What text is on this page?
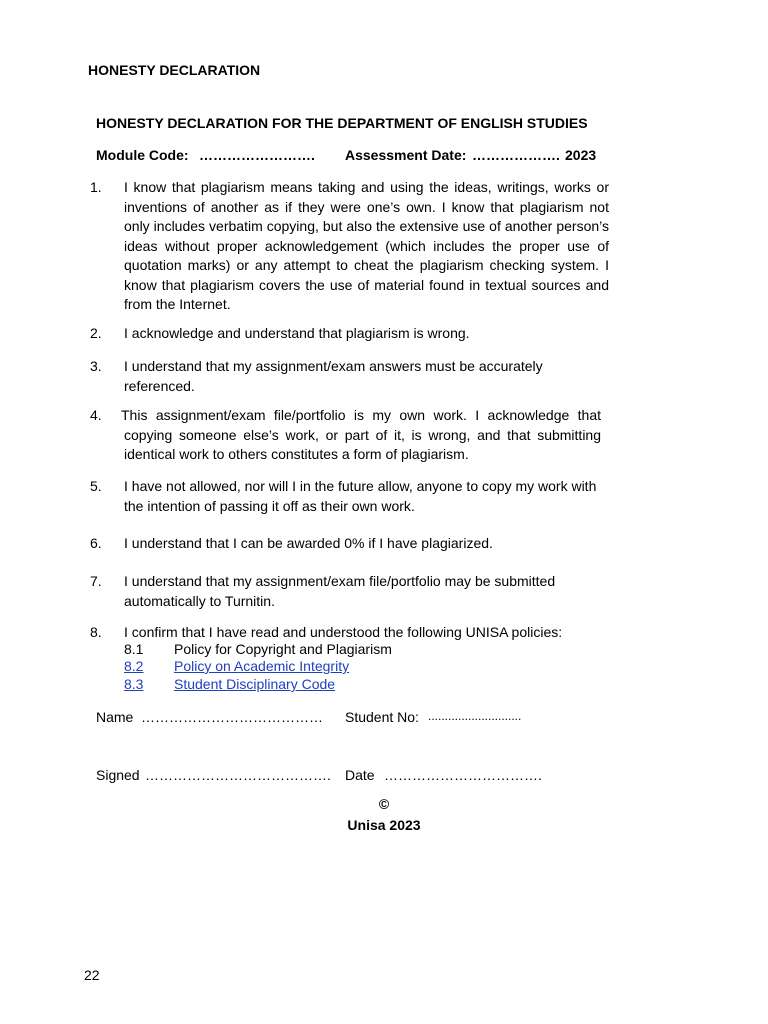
HONESTY DECLARATION
HONESTY DECLARATION FOR THE DEPARTMENT OF ENGLISH STUDIES
Module Code: ……………………. Assessment Date: ………………. 2023
1. I know that plagiarism means taking and using the ideas, writings, works or inventions of another as if they were one’s own. I know that plagiarism not only includes verbatim copying, but also the extensive use of another person’s ideas without proper acknowledgement (which includes the proper use of quotation marks) or any attempt to cheat the plagiarism checking system. I know that plagiarism covers the use of material found in textual sources and from the Internet.
2. I acknowledge and understand that plagiarism is wrong.
3. I understand that my assignment/exam answers must be accurately referenced.
4. This assignment/exam file/portfolio is my own work. I acknowledge that copying someone else’s work, or part of it, is wrong, and that submitting identical work to others constitutes a form of plagiarism.
5. I have not allowed, nor will I in the future allow, anyone to copy my work with the intention of passing it off as their own work.
6. I understand that I can be awarded 0% if I have plagiarized.
7. I understand that my assignment/exam file/portfolio may be submitted automatically to Turnitin.
8. I confirm that I have read and understood the following UNISA policies:
8.1 Policy for Copyright and Plagiarism
8.2 Policy on Academic Integrity
8.3 Student Disciplinary Code
Name ………………………………… Student No: ............................
Signed …………………………………. Date …………………………….
©
Unisa 2023
22
